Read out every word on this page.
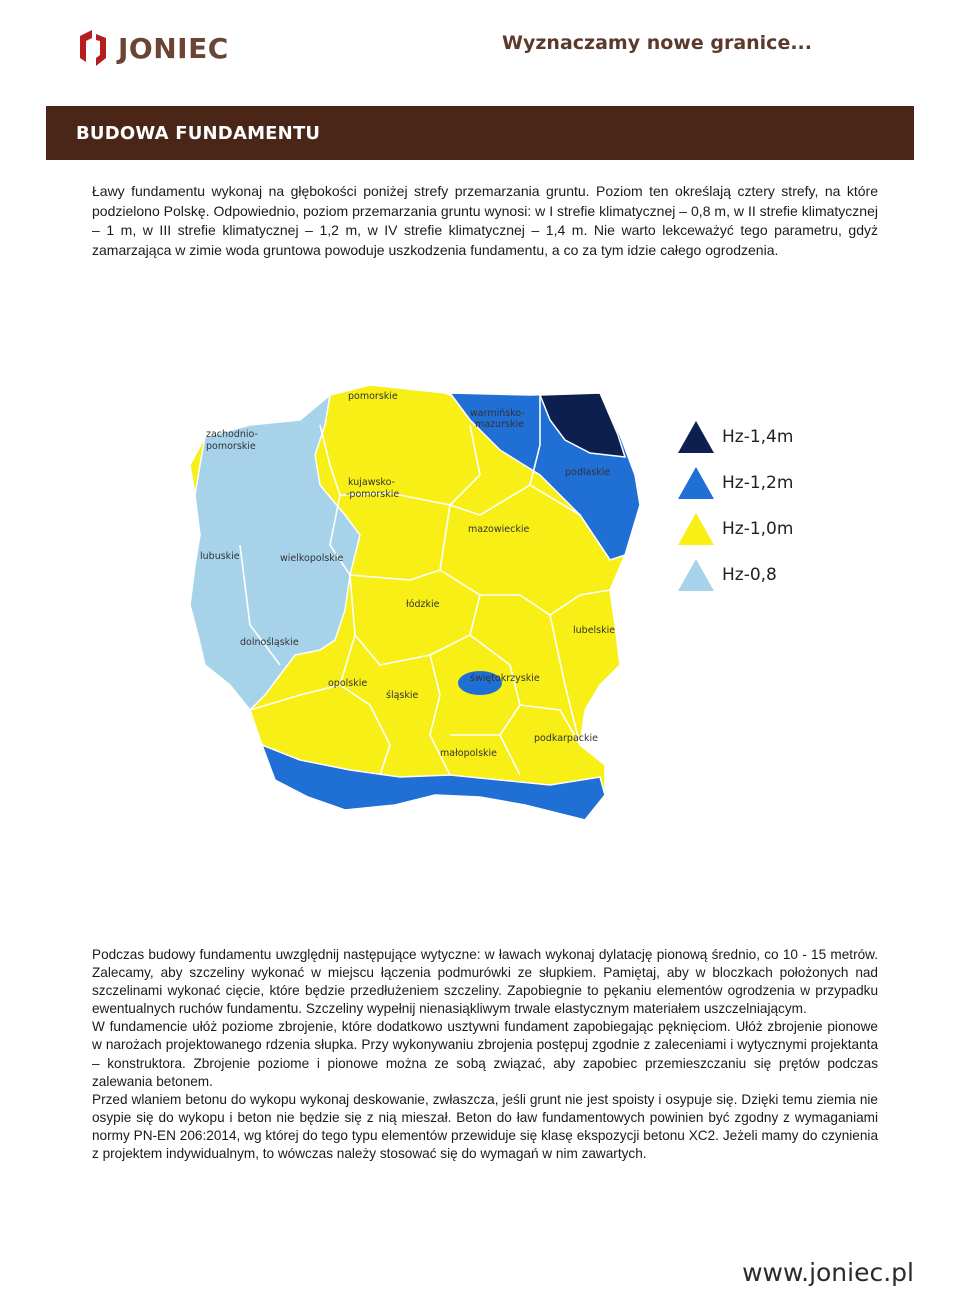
JONIEC	Wyznaczamy nowe granice...
BUDOWA FUNDAMENTU
Ławy fundamentu wykonaj na głębokości poniżej strefy przemarzania gruntu. Poziom ten określają cztery strefy, na które podzielono Polskę. Odpowiednio, poziom przemarzania gruntu wynosi: w I strefie klimatycznej – 0,8 m, w II strefie klimatycznej – 1 m, w III strefie klimatycznej – 1,2 m, w IV strefie klimatycznej – 1,4 m. Nie warto lekceważyć tego parametru, gdyż zamarzająca w zimie woda gruntowa powoduje uszkodzenia fundamentu, a co za tym idzie całego ogrodzenia.
pomorskie
zachodnio-
pomorskie
warmińsko-
mazurskie
podlaskie
kujawsko-
-pomorskie
mazowieckie
lubuskie	wielkopolskie
łódzkie
lubelskie
dolnośląskie
opolskie
śląskie
świętokrzyskie
podkarpackie
małopolskie
Hz-1,4m
Hz-1,2m
Hz-1,0m
Hz-0,8

Podczas budowy fundamentu uwzględnij następujące wytyczne: w ławach wykonaj dylatację pionową średnio, co 10 - 15 metrów. Zalecamy, aby szczeliny wykonać w miejscu łączenia podmurówki ze słupkiem. Pamiętaj, aby w bloczkach położonych nad szczelinami wykonać cięcie, które będzie przedłużeniem szczeliny. Zapobiegnie to pękaniu elementów ogrodzenia w przypadku ewentualnych ruchów fundamentu. Szczeliny wypełnij nienasiąkliwym trwale elastycznym materiałem uszczelniającym.

W fundamencie ułóż poziome zbrojenie, które dodatkowo usztywni fundament zapobiegając pęknięciom. Ułóż zbrojenie pionowe w narożach projektowanego rdzenia słupka. Przy wykonywaniu zbrojenia postępuj zgodnie z zaleceniami i wytycznymi projektanta – konstruktora. Zbrojenie poziome i pionowe można ze sobą związać, aby zapobiec przemieszczaniu się prętów podczas zalewania betonem.

Przed wlaniem betonu do wykopu wykonaj deskowanie, zwłaszcza, jeśli grunt nie jest spoisty i osypuje się. Dzięki temu ziemia nie osypie się do wykopu i beton nie będzie się z nią mieszał. Beton do ław fundamentowych powinien być zgodny z wymaganiami normy PN-EN 206:2014, wg której do tego typu elementów przewiduje się klasę ekspozycji betonu XC2. Jeżeli mamy do czynienia z projektem indywidualnym, to wówczas należy stosować się do wymagań w nim zawartych.

www.joniec.pl
